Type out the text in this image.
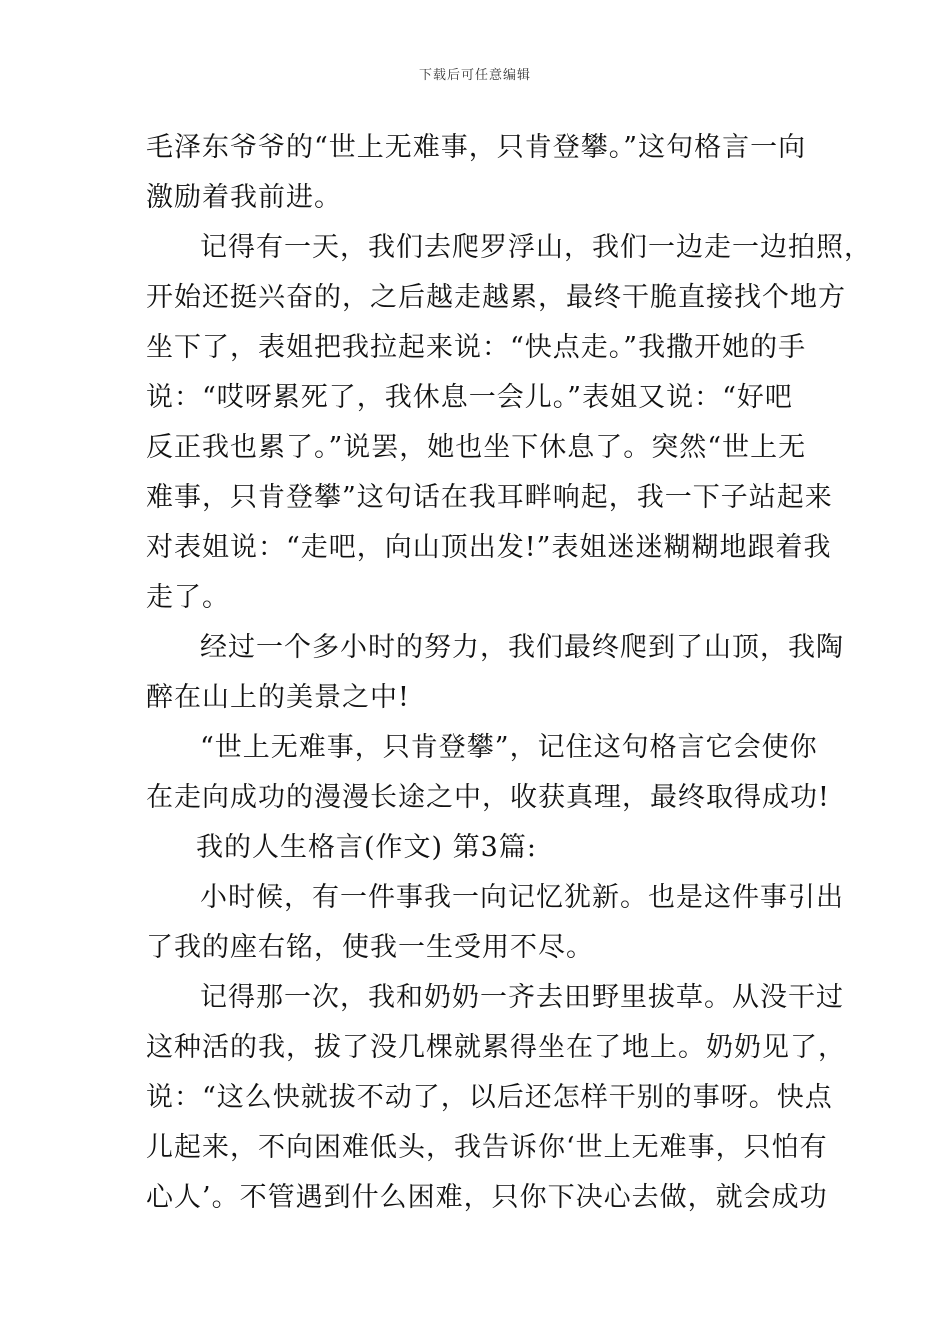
下载后可任意编辑
毛泽东爷爷的“世上无难事，只肯登攀。”这句格言一向
激励着我前进。
记得有一天，我们去爬罗浮山，我们一边走一边拍照，
开始还挺兴奋的，之后越走越累，最终干脆直接找个地方
坐下了，表姐把我拉起来说：“快点走。”我撒开她的手
说：“哎呀累死了，我休息一会儿。”表姐又说：“好吧
反正我也累了。”说罢，她也坐下休息了。突然“世上无
难事，只肯登攀”这句话在我耳畔响起，我一下子站起来
对表姐说：“走吧，向山顶出发!”表姐迷迷糊糊地跟着我
走了。
经过一个多小时的努力，我们最终爬到了山顶，我陶
醉在山上的美景之中!
“世上无难事，只肯登攀”，记住这句格言它会使你
在走向成功的漫漫长途之中，收获真理，最终取得成功!
我的人生格言(作文) 第3篇:
小时候，有一件事我一向记忆犹新。也是这件事引出
了我的座右铭，使我一生受用不尽。
记得那一次，我和奶奶一齐去田野里拔草。从没干过
这种活的我，拔了没几棵就累得坐在了地上。奶奶见了，
说：“这么快就拔不动了，以后还怎样干别的事呀。快点
儿起来，不向困难低头，我告诉你‘世上无难事，只怕有
心人’。不管遇到什么困难，只你下决心去做，就会成功
